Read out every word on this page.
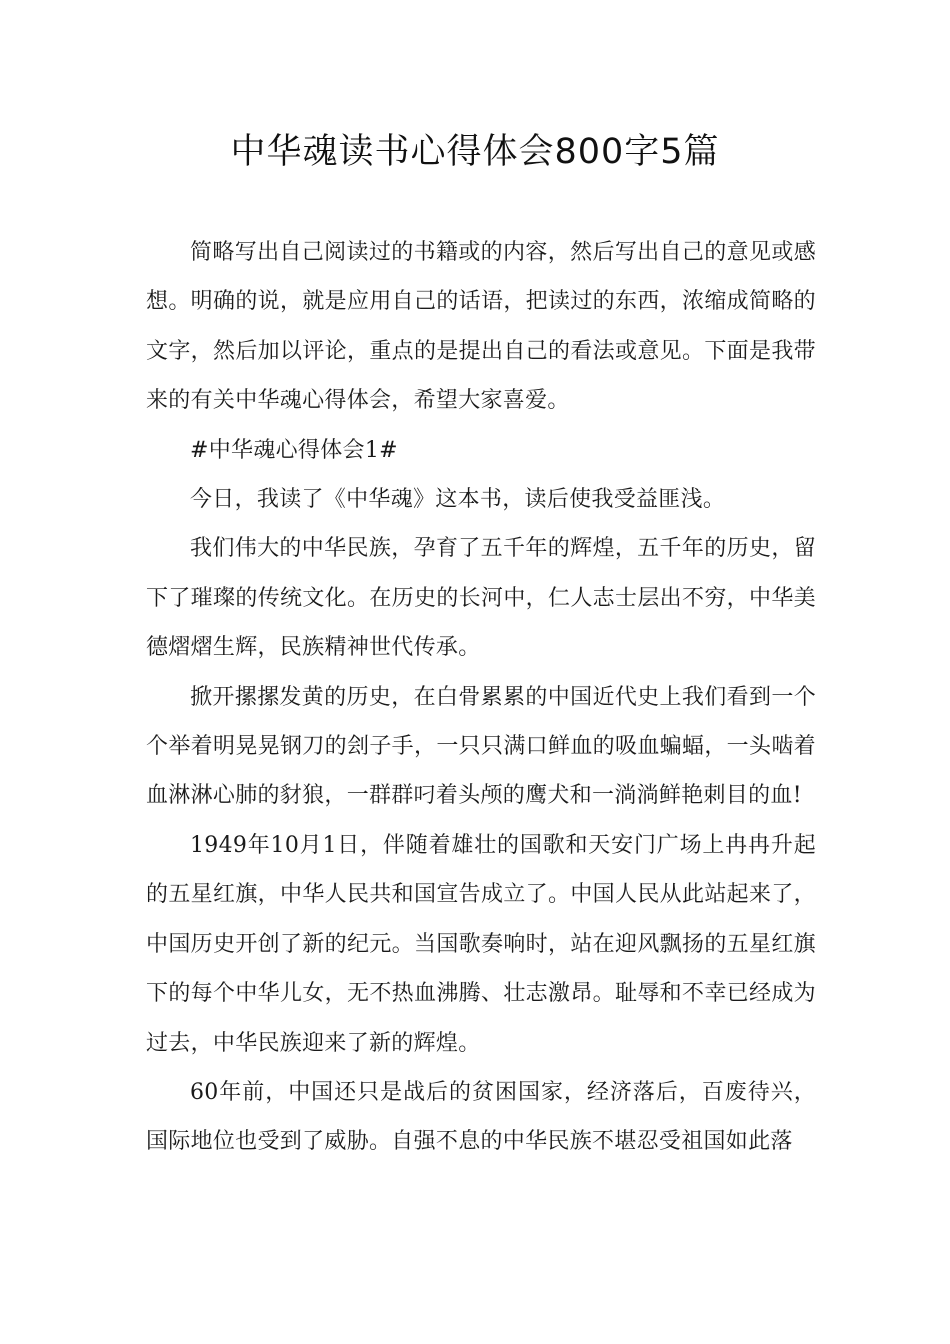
中华魂读书心得体会800字5篇

简略写出自己阅读过的书籍或的内容，然后写出自己的意见或感想。明确的说，就是应用自己的话语，把读过的东西，浓缩成简略的文字，然后加以评论，重点的是提出自己的看法或意见。下面是我带来的有关中华魂心得体会，希望大家喜爱。

#中华魂心得体会1#

今日，我读了《中华魂》这本书，读后使我受益匪浅。

我们伟大的中华民族，孕育了五千年的辉煌，五千年的历史，留下了璀璨的传统文化。在历史的长河中，仁人志士层出不穷，中华美德熠熠生辉，民族精神世代传承。

掀开摞摞发黄的历史，在白骨累累的中国近代史上我们看到一个个举着明晃晃钢刀的刽子手，一只只满口鲜血的吸血蝙蝠，一头啮着血淋淋心肺的豺狼，一群群叼着头颅的鹰犬和一淌淌鲜艳刺目的血!

1949年10月1日，伴随着雄壮的国歌和天安门广场上冉冉升起的五星红旗，中华人民共和国宣告成立了。中国人民从此站起来了，中国历史开创了新的纪元。当国歌奏响时，站在迎风飘扬的五星红旗下的每个中华儿女，无不热血沸腾、壮志激昂。耻辱和不幸已经成为过去，中华民族迎来了新的辉煌。

60年前，中国还只是战后的贫困国家，经济落后，百废待兴，国际地位也受到了威胁。自强不息的中华民族不堪忍受祖国如此落
